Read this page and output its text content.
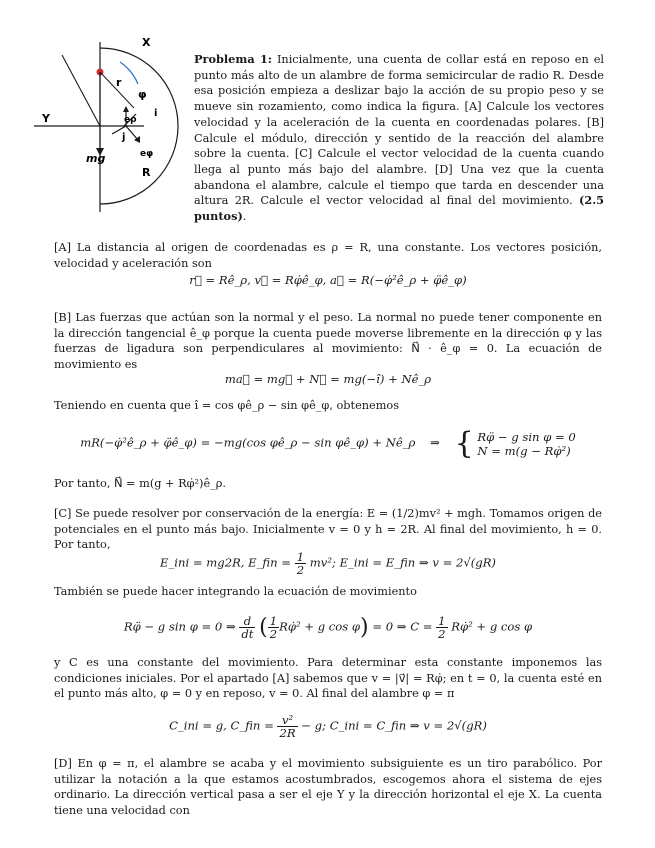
X
Y
r
φ
eρ
i
j
eφ
mg
R
Problema 1: Inicialmente, una cuenta de collar está en reposo en el punto más alto de un alambre de forma semicircular de radio R. Desde esa posición empieza a deslizar bajo la acción de su propio peso y se mueve sin rozamiento, como indica la figura. [A] Calcule los vectores velocidad y la aceleración de la cuenta en coordenadas polares. [B] Calcule el módulo, dirección y sentido de la reacción del alambre sobre la cuenta. [C] Calcule el vector velocidad de la cuenta cuando llega al punto más bajo del alambre. [D] Una vez que la cuenta abandona el alambre, calcule el tiempo que tarda en descender una altura 2R. Calcule el vector velocidad al final del movimiento. (2.5 puntos).
[A] La distancia al origen de coordenadas es ρ = R, una constante. Los vectores posición, velocidad y aceleración son
r⃗ = Rê_ρ, v⃗ = Rφ̇ê_φ, a⃗ = R(−φ̇²ê_ρ + φ̈ê_φ)
[B] Las fuerzas que actúan son la normal y el peso. La normal no puede tener componente en la dirección tangencial ê_φ porque la cuenta puede moverse libremente en la dirección φ y las fuerzas de ligadura son perpendiculares al movimiento: N⃗ · ê_φ = 0. La ecuación de movimiento es
ma⃗ = mg⃗ + N⃗ = mg(−î) + Nê_ρ
Teniendo en cuenta que î = cos φê_ρ − sin φê_φ, obtenemos
mR(−φ̇²ê_ρ + φ̈ê_φ) = −mg(cos φê_ρ − sin φê_φ) + Nê_ρ ⇒ { Rφ̈ − g sin φ = 0
N = m(g − Rφ̇²)
Por tanto, N⃗ = m(g + Rφ̇²)ê_ρ.
[C] Se puede resolver por conservación de la energía: E = (1/2)mv² + mgh. Tomamos origen de potenciales en el punto más bajo. Inicialmente v = 0 y h = 2R. Al final del movimiento, h = 0. Por tanto,
E_ini = mg2R, E_fin = $\frac{1}{2} mv^2$; E_ini = E_fin ⇒ v = 2√(gR)
También se puede hacer integrando la ecuación de movimiento
Rφ̈ − g sin φ = 0 ⇒ $\frac{d}{dt}$ ( $\frac{1}{2}$ Rφ̇² + g cos φ) = 0 ⇒ $C = \frac{1}{2}$ Rφ̇² + g cos φ
y C es una constante del movimiento. Para determinar esta constante imponemos las condiciones iniciales. Por el apartado [A] sabemos que v = |v⃗| = Rφ̇; en t = 0, la cuenta esté en el punto más alto, φ = 0 y en reposo, v = 0. Al final del alambre φ = π
C_ini = g, C_fin = $\frac{\text{v²}}{2R} - g$; C_ini = C_fin ⇒ v = 2√(gR)
[D] En φ = π, el alambre se acaba y el movimiento subsiguiente es un tiro parabólico. Por utilizar la notación a la que estamos acostumbrados, escogemos ahora el sistema de ejes ordinario. La dirección vertical pasa a ser el eje Y y la dirección horizontal el eje X. La cuenta tiene una velocidad con
